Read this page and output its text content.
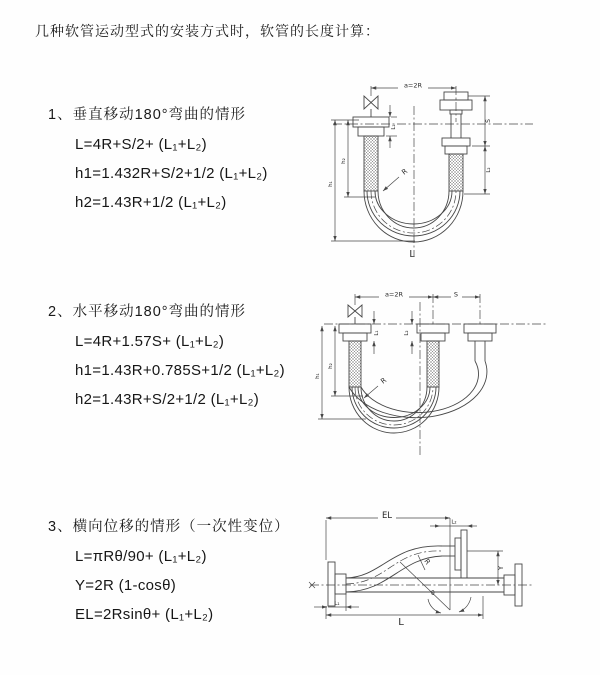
几种软管运动型式的安装方式时，软管的长度计算：
1、垂直移动180°弯曲的情形
L=4R+S/2+ (L₁+L₂)
h1=1.432R+S/2+1/2 (L₁+L₂)
h2=1.43R+1/2 (L₁+L₂)
2、水平移动180°弯曲的情形
L=4R+1.57S+ (L₁+L₂)
h1=1.43R+0.785S+1/2 (L₁+L₂)
h2=1.43R+S/2+1/2 (L₁+L₂)
3、横向位移的情形（一次性变位）
L=πRθ/90+ (L₁+L₂)
Y=2R (1-cosθ)
EL=2Rsinθ+ (L₁+L₂)
a=2R
L₁
S
L₂
h₁
h₂
R
L
a=2R	S
L₁	L₂
h₁
h₂
R
EL
L₂
Y
θ
R
L
L₁
